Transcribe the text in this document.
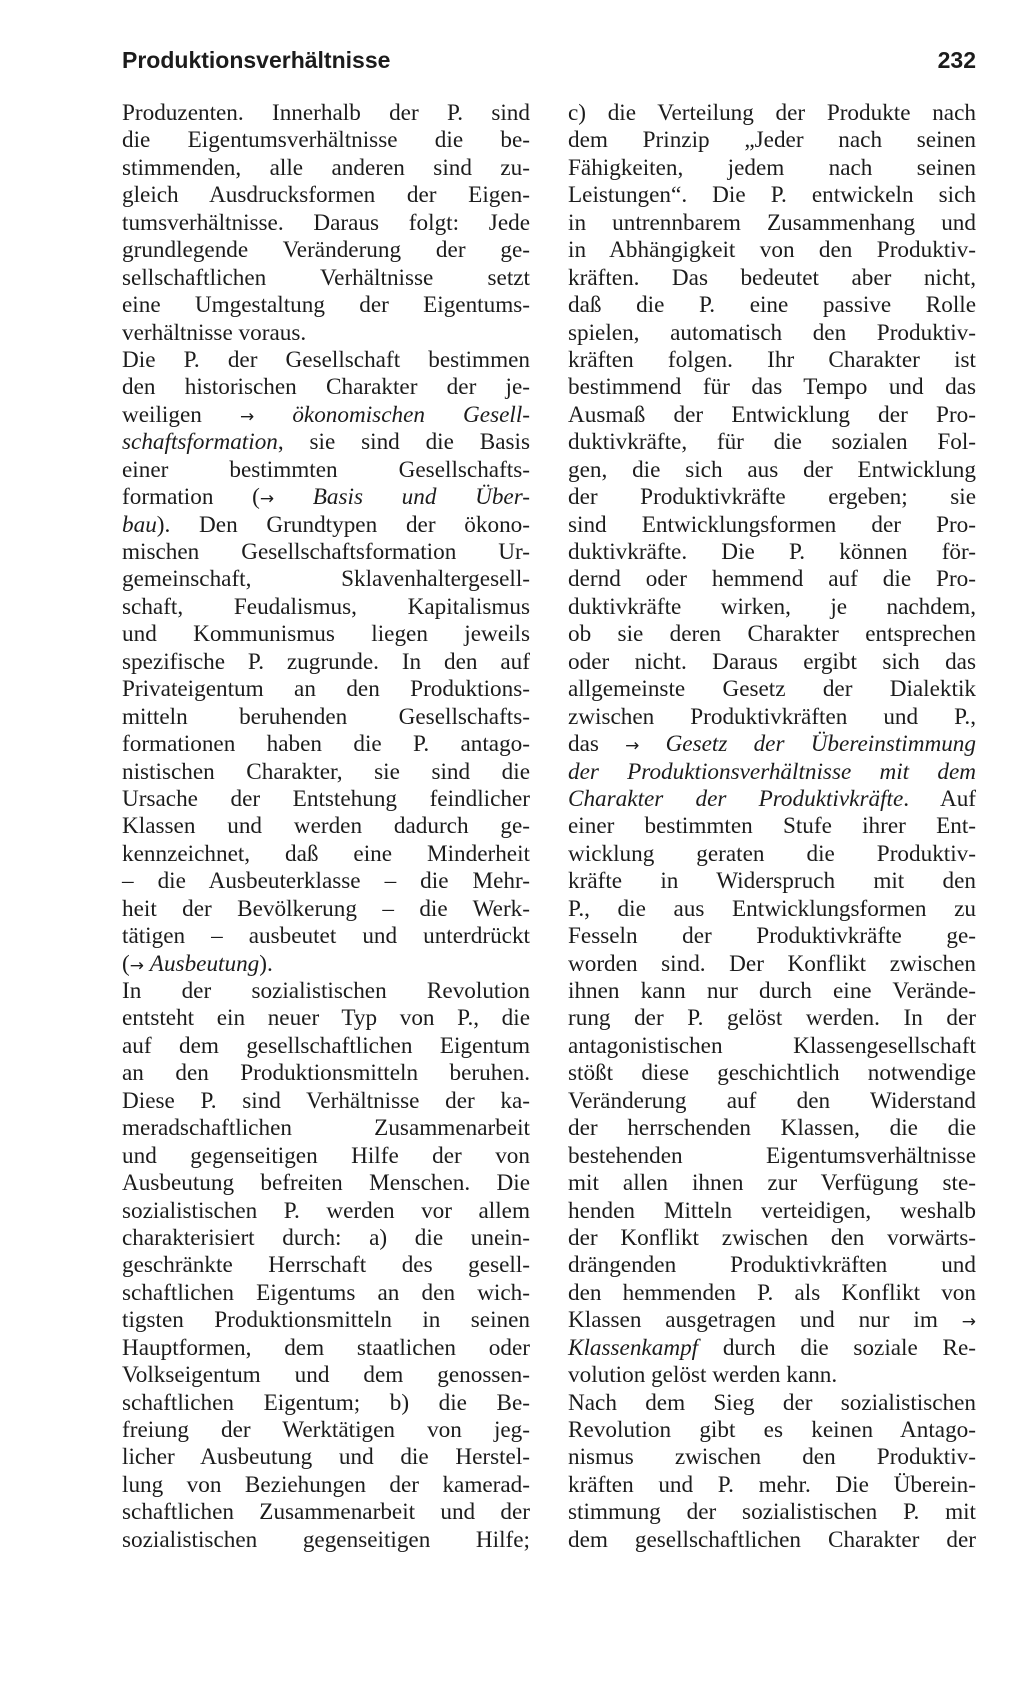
Produktionsverhältnisse	232
Produzenten. Innerhalb der P. sind
die Eigentumsverhältnisse die be-
stimmenden, alle anderen sind zu-
gleich Ausdrucksformen der Eigen-
tumsverhältnisse. Daraus folgt: Jede
grundlegende Veränderung der ge-
sellschaftlichen Verhältnisse setzt
eine Umgestaltung der Eigentums-
verhältnisse voraus.
Die P. der Gesellschaft bestimmen
den historischen Charakter der je-
weiligen → ökonomischen Gesell-
schaftsformation, sie sind die Basis
einer bestimmten Gesellschafts-
formation (→ Basis und Über-
bau). Den Grundtypen der ökono-
mischen Gesellschaftsformation Ur-
gemeinschaft, Sklavenhaltergesell-
schaft, Feudalismus, Kapitalismus
und Kommunismus liegen jeweils
spezifische P. zugrunde. In den auf
Privateigentum an den Produktions-
mitteln beruhenden Gesellschafts-
formationen haben die P. antago-
nistischen Charakter, sie sind die
Ursache der Entstehung feindlicher
Klassen und werden dadurch ge-
kennzeichnet, daß eine Minderheit
– die Ausbeuterklasse – die Mehr-
heit der Bevölkerung – die Werk-
tätigen – ausbeutet und unterdrückt
(→ Ausbeutung).
In der sozialistischen Revolution
entsteht ein neuer Typ von P., die
auf dem gesellschaftlichen Eigentum
an den Produktionsmitteln beruhen.
Diese P. sind Verhältnisse der ka-
meradschaftlichen Zusammenarbeit
und gegenseitigen Hilfe der von
Ausbeutung befreiten Menschen. Die
sozialistischen P. werden vor allem
charakterisiert durch: a) die unein-
geschränkte Herrschaft des gesell-
schaftlichen Eigentums an den wich-
tigsten Produktionsmitteln in seinen
Hauptformen, dem staatlichen oder
Volkseigentum und dem genossen-
schaftlichen Eigentum; b) die Be-
freiung der Werktätigen von jeg-
licher Ausbeutung und die Herstel-
lung von Beziehungen der kamerad-
schaftlichen Zusammenarbeit und der
sozialistischen gegenseitigen Hilfe;
c) die Verteilung der Produkte nach
dem Prinzip „Jeder nach seinen
Fähigkeiten, jedem nach seinen
Leistungen“. Die P. entwickeln sich
in untrennbarem Zusammenhang und
in Abhängigkeit von den Produktiv-
kräften. Das bedeutet aber nicht,
daß die P. eine passive Rolle
spielen, automatisch den Produktiv-
kräften folgen. Ihr Charakter ist
bestimmend für das Tempo und das
Ausmaß der Entwicklung der Pro-
duktivkräfte, für die sozialen Fol-
gen, die sich aus der Entwicklung
der Produktivkräfte ergeben; sie
sind Entwicklungsformen der Pro-
duktivkräfte. Die P. können för-
dernd oder hemmend auf die Pro-
duktivkräfte wirken, je nachdem,
ob sie deren Charakter entsprechen
oder nicht. Daraus ergibt sich das
allgemeinste Gesetz der Dialektik
zwischen Produktivkräften und P.,
das → Gesetz der Übereinstimmung
der Produktionsverhältnisse mit dem
Charakter der Produktivkräfte. Auf
einer bestimmten Stufe ihrer Ent-
wicklung geraten die Produktiv-
kräfte in Widerspruch mit den
P., die aus Entwicklungsformen zu
Fesseln der Produktivkräfte ge-
worden sind. Der Konflikt zwischen
ihnen kann nur durch eine Verände-
rung der P. gelöst werden. In der
antagonistischen Klassengesellschaft
stößt diese geschichtlich notwendige
Veränderung auf den Widerstand
der herrschenden Klassen, die die
bestehenden Eigentumsverhältnisse
mit allen ihnen zur Verfügung ste-
henden Mitteln verteidigen, weshalb
der Konflikt zwischen den vorwärts-
drängenden Produktivkräften und
den hemmenden P. als Konflikt von
Klassen ausgetragen und nur im →
Klassenkampf durch die soziale Re-
volution gelöst werden kann.
Nach dem Sieg der sozialistischen
Revolution gibt es keinen Antago-
nismus zwischen den Produktiv-
kräften und P. mehr. Die Überein-
stimmung der sozialistischen P. mit
dem gesellschaftlichen Charakter der
